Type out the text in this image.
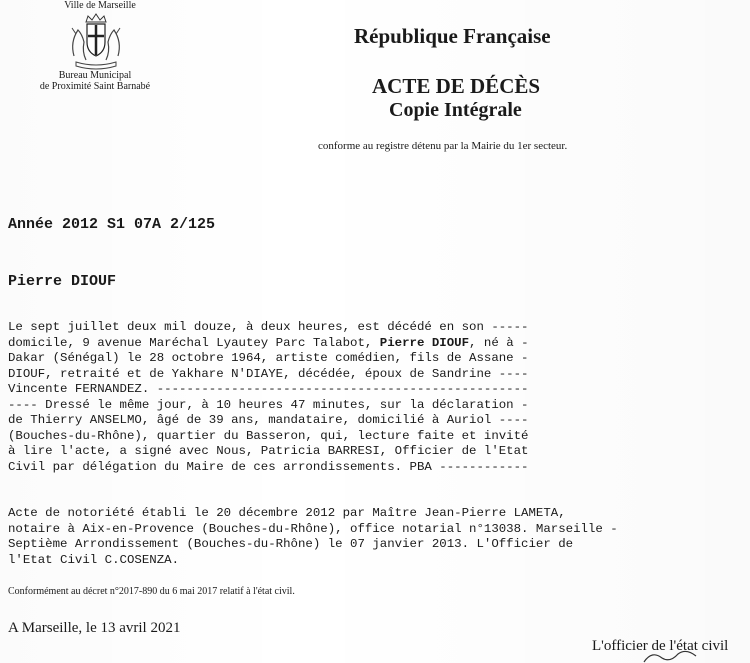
Ville de Marseille
Bureau Municipal
de Proximité Saint Barnabé
République Française
ACTE DE DÉCÈS
Copie Intégrale
conforme au registre détenu par la Mairie du 1er secteur.
Année 2012 S1 07A 2/125
Pierre DIOUF
Le sept juillet deux mil douze, à deux heures, est décédé en son -----
domicile, 9 avenue Maréchal Lyautey Parc Talabot, Pierre DIOUF, né à -
Dakar (Sénégal) le 28 octobre 1964, artiste comédien, fils de Assane -
DIOUF, retraité et de Yakhare N'DIAYE, décédée, époux de Sandrine ----
Vincente FERNANDEZ. --------------------------------------------------
---- Dressé le même jour, à 10 heures 47 minutes, sur la déclaration -
de Thierry ANSELMO, âgé de 39 ans, mandataire, domicilié à Auriol ----
(Bouches-du-Rhône), quartier du Basseron, qui, lecture faite et invité
à lire l'acte, a signé avec Nous, Patricia BARRESI, Officier de l'Etat
Civil par délégation du Maire de ces arrondissements. PBA ------------
Acte de notoriété établi le 20 décembre 2012 par Maître Jean-Pierre LAMETA,
notaire à Aix-en-Provence (Bouches-du-Rhône), office notarial n°13038. Marseille -
Septième Arrondissement (Bouches-du-Rhône) le 07 janvier 2013. L'Officier de
l'Etat Civil C.COSENZA.
Conformément au décret n°2017-890 du 6 mai 2017 relatif à l'état civil.
A Marseille, le 13 avril 2021
L'officier de l'état civil
